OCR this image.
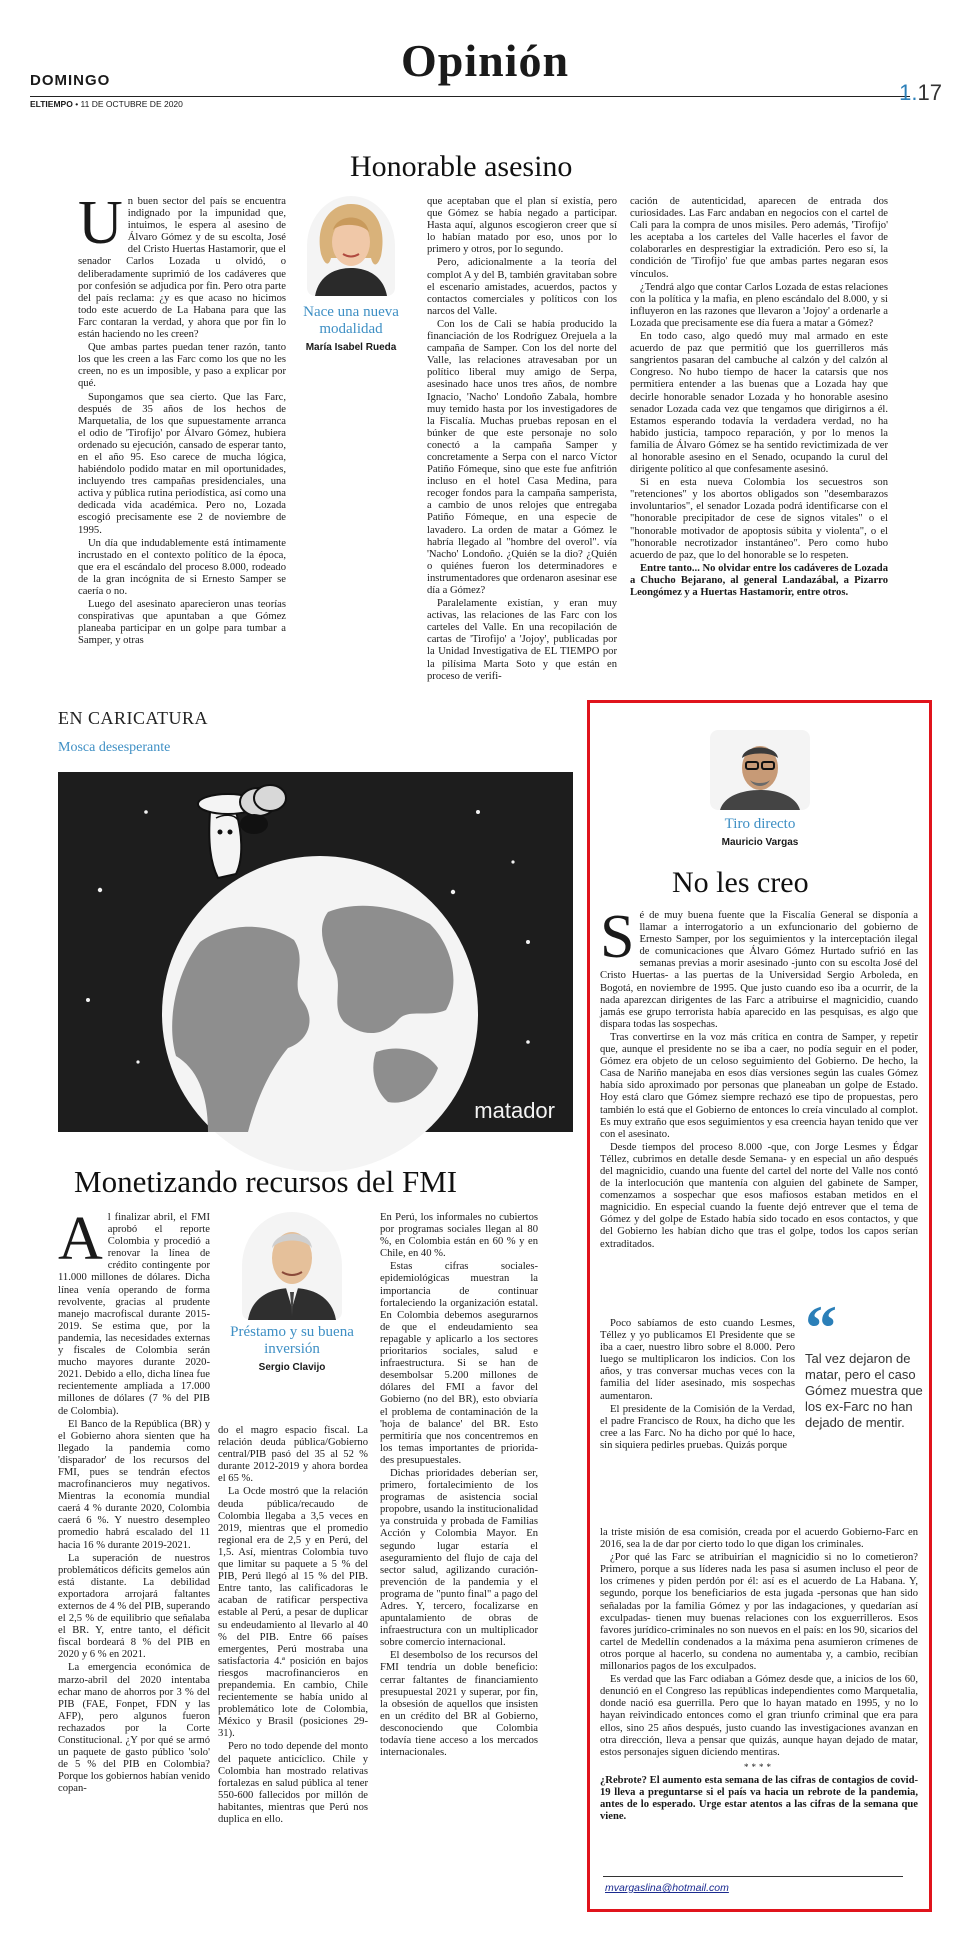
DOMINGO	Opinión
ELTIEMPO • 11 DE OCTUBRE DE 2020	1.17
Honorable asesino

Un buen sector del país se encuentra indignado por la impunidad que, intuimos, le espera al asesino de Álvaro Gómez y de su escolta, José del Cristo Huertas Hastamorir, que el senador Carlos Lozada u olvidó, o deliberadamente suprimió de los cadáveres que por confesión se adjudica por fin. Pero otra parte del país reclama: ¿y es que acaso no hicimos todo este acuerdo de La Habana para que las Farc contaran la verdad, y ahora que por fin lo están haciendo no les creen?

Que ambas partes puedan tener razón, tanto los que les creen a las Farc como los que no les creen, no es un imposible, y paso a explicar por qué.

Supongamos que sea cierto. Que las Farc, después de 35 años de los hechos de Marquetalia, de los que supuestamente arranca el odio de 'Tirofijo' por Álvaro Gómez, hubiera ordenado su ejecución, cansado de esperar tanto, en el año 95. Eso carece de mucha lógica, habiéndolo podido matar en mil oportunidades, incluyendo tres campañas presidenciales, una activa y pública rutina periodística, así como una dedicada vida académica. Pero no, Lozada escogió precisamente ese 2 de noviembre de 1995.

Un día que indudablemente está íntimamente incrustado en el contexto político de la época, que era el escándalo del proceso 8.000, rodeado de la gran incógnita de si Ernesto Samper se caería o no.

Luego del asesinato aparecieron unas teorías conspirativas que apuntaban a que Gómez planeaba participar en un golpe para tumbar a Samper, y otras

Nace una nueva modalidad
María Isabel Rueda

que aceptaban que el plan sí existía, pero que Gómez se había negado a participar. Hasta aquí, algunos escogieron creer que sí lo habían matado por eso, unos por lo primero y otros, por lo segundo.

Pero, adicionalmente a la teoría del complot A y del B, también gravitaban sobre el escenario amistades, acuerdos, pactos y contactos comerciales y políticos con los narcos del Valle.

Con los de Cali se había producido la financiación de los Rodríguez Orejuela a la campaña de Samper. Con los del norte del Valle, las relaciones atravesaban por un político liberal muy amigo de Serpa, asesinado hace unos tres años, de nombre Ignacio, 'Nacho' Londoño Zabala, hombre muy temido hasta por los investigadores de la Fiscalía. Muchas pruebas reposan en el búnker de que este personaje no solo conectó a la campaña Samper y concretamente a Serpa con el narco Víctor Patiño Fómeque, sino que este fue anfitrión incluso en el hotel Casa Medina, para recoger fondos para la campaña samperista, a cambio de unos relojes que entregaba Patiño Fómeque, en una especie de lavadero. La orden de matar a Gómez le habría llegado al "hombre del overol". vía 'Nacho' Londoño. ¿Quién se la dio? ¿Quién o quiénes fueron los determinadores e instrumentadores que ordenaron asesinar ese día a Gómez?

Paralelamente existían, y eran muy activas, las relaciones de las Farc con los carteles del Valle. En una recopilación de cartas de 'Tirofijo' a 'Jojoy', publicadas por la Unidad Investigativa de EL TIEMPO por la pilísima Marta Soto y que están en proceso de verifi-

cación de autenticidad, aparecen de entrada dos curiosidades. Las Farc andaban en negocios con el cartel de Cali para la compra de unos misiles. Pero además, 'Tirofijo' les aceptaba a los carteles del Valle hacerles el favor de colaborarles en desprestigiar la extradición. Pero eso sí, la condición de 'Tirofijo' fue que ambas partes negaran esos vínculos.

¿Tendrá algo que contar Carlos Lozada de estas relaciones con la política y la mafia, en pleno escándalo del 8.000, y si influyeron en las razones que llevaron a 'Jojoy' a ordenarle a Lozada que precisamente ese día fuera a matar a Gómez?

En todo caso, algo quedó muy mal armado en este acuerdo de paz que permitió que los guerrilleros más sangrientos pasaran del cambuche al calzón y del calzón al Congreso. No hubo tiempo de hacer la catarsis que nos permitiera entender a las buenas que a Lozada hay que decirle honorable senador Lozada y ho honorable asesino senador Lozada cada vez que tengamos que dirigirnos a él. Estamos esperando todavía la verdadera verdad, no ha habido justicia, tampoco reparación, y por lo menos la familia de Álvaro Gómez se ha sentido revictimizada de ver al honorable asesino en el Senado, ocupando la curul del dirigente político al que confesamente asesinó.

Si en esta nueva Colombia los secuestros son "retenciones" y los abortos obligados son "desembarazos involuntarios", el senador Lozada podrá identificarse con el "honorable precipitador de cese de signos vitales" o el "honorable motivador de apoptosis súbita y violenta", o el "honorable necrotizador instantáneo". Pero como hubo acuerdo de paz, que lo del honorable se lo respeten.

Entre tanto... No olvidar entre los cadáveres de Lozada a Chucho Bejarano, al general Landazábal, a Pizarro Leongómez y a Huertas Hastamorir, entre otros.

EN CARICATURA
Mosca desesperante
matador
Monetizando recursos del FMI

Al finalizar abril, el FMI aprobó el reporte Colombia y procedió a renovar la línea de crédito contingente por 11.000 millones de dólares. Dicha línea venía operando de forma revolvente, gracias al prudente manejo macrofiscal durante 2015-2019. Se estima que, por la pandemia, las necesidades externas y fiscales de Colombia serán mucho mayores durante 2020-2021. Debido a ello, dicha línea fue recientemente ampliada a 17.000 millones de dólares (7 % del PIB de Colombia).

El Banco de la República (BR) y el Gobierno ahora sienten que ha llegado la pandemia como 'disparador' de los recursos del FMI, pues se tendrán efectos macrofinancieros muy negativos. Mientras la economía mundial caerá 4 % durante 2020, Colombia caerá 6 %. Y nuestro desempleo promedio habrá escalado del 11 hacia 16 % durante 2019-2021.

La superación de nuestros problemáticos déficits gemelos aún está distante. La debilidad exportadora arrojará faltantes externos de 4 % del PIB, superando el 2,5 % de equilibrio que señalaba el BR. Y, entre tanto, el déficit fiscal bordeará 8 % del PIB en 2020 y 6 % en 2021.

La emergencia económica de marzo-abril del 2020 intentaba echar mano de ahorros por 3 % del PIB (FAE, Fonpet, FDN y las AFP), pero algunos fueron rechazados por la Corte Constitucional. ¿Y por qué se armó un paquete de gasto público 'solo' de 5 % del PIB en Colombia? Porque los gobiernos habían venido copan-

Préstamo y su buena inversión
Sergio Clavijo

do el magro espacio fiscal. La relación deuda pública/Gobierno central/PIB pasó del 35 al 52 % durante 2012-2019 y ahora bordea el 65 %.

La Ocde mostró que la relación deuda pública/recaudo de Colombia llegaba a 3,5 veces en 2019, mientras que el promedio regional era de 2,5 y en Perú, del 1,5. Así, mientras Colombia tuvo que limitar su paquete a 5 % del PIB, Perú llegó al 15 % del PIB. Entre tanto, las calificadoras le acaban de ratificar perspectiva estable al Perú, a pesar de duplicar su endeudamiento al llevarlo al 40 % del PIB. Entre 66 países emergentes, Perú mostraba una satisfactoria 4.ª posición en bajos riesgos macrofinancieros en prepandemia. En cambio, Chile recientemente se había unido al problemático lote de Colombia, México y Brasil (posiciones 29-31).

Pero no todo depende del monto del paquete anticíclico. Chile y Colombia han mostrado relativas fortalezas en salud pública al tener 550-600 fallecidos por millón de habitantes, mientras que Perú nos duplica en ello.

En Perú, los informales no cubiertos por programas sociales llegan al 80 %, en Colombia están en 60 % y en Chile, en 40 %.

Estas cifras sociales-epidemiológicas muestran la importancia de continuar fortaleciendo la organización estatal. En Colombia debemos asegurarnos de que el endeudamiento sea repagable y aplicarlo a los sectores prioritarios sociales, salud e infraestructura. Si se han de desembolsar 5.200 millones de dólares del FMI a favor del Gobierno (no del BR), esto obviaría el problema de contaminación de la 'hoja de balance' del BR. Esto permitiría que nos concentremos en los temas importantes de priorida-des presupuestales.

Dichas prioridades deberían ser, primero, fortalecimiento de los programas de asistencia social propobre, usando la institucionalidad ya construida y probada de Familias Acción y Colombia Mayor. En segundo lugar estaría el aseguramiento del flujo de caja del sector salud, agilizando curación-prevención de la pandemia y el programa de "punto final" a pago del Adres. Y, tercero, focalizarse en apuntalamiento de obras de infraestructura con un multiplicador sobre comercio internacional.

El desembolso de los recursos del FMI tendría un doble beneficio: cerrar faltantes de financiamiento presupuestal 2021 y superar, por fin, la obsesión de aquellos que insisten en un crédito del BR al Gobierno, desconociendo que Colombia todavía tiene acceso a los mercados internacionales.

Tiro directo
Mauricio Vargas
No les creo

Sé de muy buena fuente que la Fiscalía General se disponía a llamar a interrogatorio a un exfuncionario del gobierno de Ernesto Samper, por los seguimientos y la interceptación ilegal de comunicaciones que Álvaro Gómez Hurtado sufrió en las semanas previas a morir asesinado -junto con su escolta José del Cristo Huertas- a las puertas de la Universidad Sergio Arboleda, en Bogotá, en noviembre de 1995. Que justo cuando eso iba a ocurrir, de la nada aparezcan dirigentes de las Farc a atribuirse el magnicidio, cuando jamás ese grupo terrorista había aparecido en las pesquisas, es algo que dispara todas las sospechas.

Tras convertirse en la voz más crítica en contra de Samper, y repetir que, aunque el presidente no se iba a caer, no podía seguir en el poder, Gómez era objeto de un celoso seguimiento del Gobierno. De hecho, la Casa de Nariño manejaba en esos días versiones según las cuales Gómez había sido aproximado por personas que planeaban un golpe de Estado. Hoy está claro que Gómez siempre rechazó ese tipo de propuestas, pero también lo está que el Gobierno de entonces lo creía vinculado al complot. Es muy extraño que esos seguimientos y esa creencia hayan tenido que ver con el asesinato.

Desde tiempos del proceso 8.000 -que, con Jorge Lesmes y Édgar Téllez, cubrimos en detalle desde Semana- y en especial un año después del magnicidio, cuando una fuente del cartel del norte del Valle nos contó de la interlocución que mantenía con alguien del gabinete de Samper, comenzamos a sospechar que esos mafiosos estaban metidos en el magnicidio. En especial cuando la fuente dejó entrever que el tema de Gómez y del golpe de Estado había sido tocado en esos contactos, y que del Gobierno les habían dicho que tras el golpe, todos los capos serían extraditados.

Poco sabíamos de esto cuando Lesmes, Téllez y yo publicamos El Presidente que se iba a caer, nuestro libro sobre el 8.000. Pero luego se multiplicaron los indicios. Con los años, y tras conversar muchas veces con la familia del líder asesinado, mis sospechas aumentaron.

El presidente de la Comisión de la Verdad, el padre Francisco de Roux, ha dicho que les cree a las Farc. No ha dicho por qué lo hace, sin siquiera pedirles pruebas. Quizás porque

“
Tal vez dejaron de matar, pero el caso Gómez muestra que los ex-Farc no han dejado de mentir.

la triste misión de esa comisión, creada por el acuerdo Gobierno-Farc en 2016, sea la de dar por cierto todo lo que digan los criminales.

¿Por qué las Farc se atribuirían el magnicidio si no lo cometieron? Primero, porque a sus líderes nada les pasa si asumen incluso el peor de los crímenes y piden perdón por él: así es el acuerdo de La Habana. Y, segundo, porque los beneficiarios de esta jugada -personas que han sido señaladas por la familia Gómez y por las indagaciones, y quedarían así exculpadas- tienen muy buenas relaciones con los exguerrilleros. Esos favores jurídico-criminales no son nuevos en el país: en los 90, sicarios del cartel de Medellín condenados a la máxima pena asumieron crímenes de otros porque al hacerlo, su condena no aumentaba y, a cambio, recibían millonarios pagos de los exculpados.

Es verdad que las Farc odiaban a Gómez desde que, a inicios de los 60, denunció en el Congreso las repúblicas independientes como Marquetalia, donde nació esa guerrilla. Pero que lo hayan matado en 1995, y no lo hayan reivindicado entonces como el gran triunfo criminal que era para ellos, sino 25 años después, justo cuando las investigaciones avanzan en otra dirección, lleva a pensar que quizás, aunque hayan dejado de matar, estos personajes siguen diciendo mentiras.

****

¿Rebrote? El aumento esta semana de las cifras de contagios de covid-19 lleva a preguntarse si el país va hacia un rebrote de la pandemia, antes de lo esperado. Urge estar atentos a las cifras de la semana que viene.

mvargaslina@hotmail.com
